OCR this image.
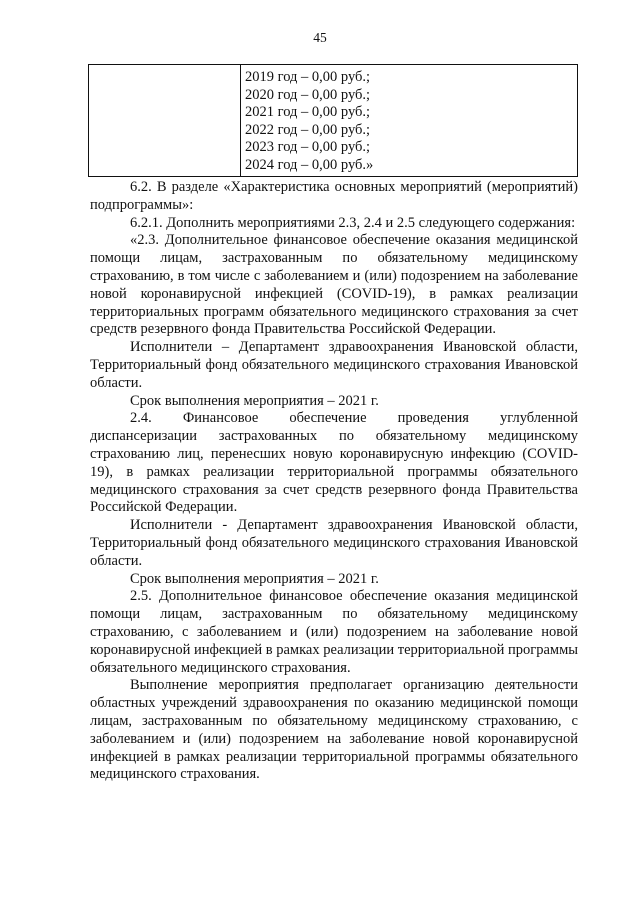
45

2019 год – 0,00 руб.;
2020 год – 0,00 руб.;
2021 год – 0,00 руб.;
2022 год – 0,00 руб.;
2023 год – 0,00 руб.;
2024 год – 0,00 руб.»

6.2. В разделе «Характеристика основных мероприятий (мероприятий) подпрограммы»:

6.2.1. Дополнить мероприятиями 2.3, 2.4 и 2.5 следующего содержания:

«2.3. Дополнительное финансовое обеспечение оказания медицинской помощи лицам, застрахованным по обязательному медицинскому страхованию, в том числе с заболеванием и (или) подозрением на заболевание новой коронавирусной инфекцией (COVID-19), в рамках реализации территориальных программ обязательного медицинского страхования за счет средств резервного фонда Правительства Российской Федерации.

Исполнители – Департамент здравоохранения Ивановской области, Территориальный фонд обязательного медицинского страхования Ивановской области.

Срок выполнения мероприятия – 2021 г.

2.4. Финансовое обеспечение проведения углубленной диспансеризации застрахованных по обязательному медицинскому страхованию лиц, перенесших новую коронавирусную инфекцию (COVID-19), в рамках реализации территориальной программы обязательного медицинского страхования за счет средств резервного фонда Правительства Российской Федерации.

Исполнители - Департамент здравоохранения Ивановской области, Территориальный фонд обязательного медицинского страхования Ивановской области.

Срок выполнения мероприятия – 2021 г.

2.5. Дополнительное финансовое обеспечение оказания медицинской помощи лицам, застрахованным по обязательному медицинскому страхованию, с заболеванием и (или) подозрением на заболевание новой коронавирусной инфекцией в рамках реализации территориальной программы обязательного медицинского страхования.

Выполнение мероприятия предполагает организацию деятельности областных учреждений здравоохранения по оказанию медицинской помощи лицам, застрахованным по обязательному медицинскому страхованию, с заболеванием и (или) подозрением на заболевание новой коронавирусной инфекцией в рамках реализации территориальной программы обязательного медицинского страхования.
